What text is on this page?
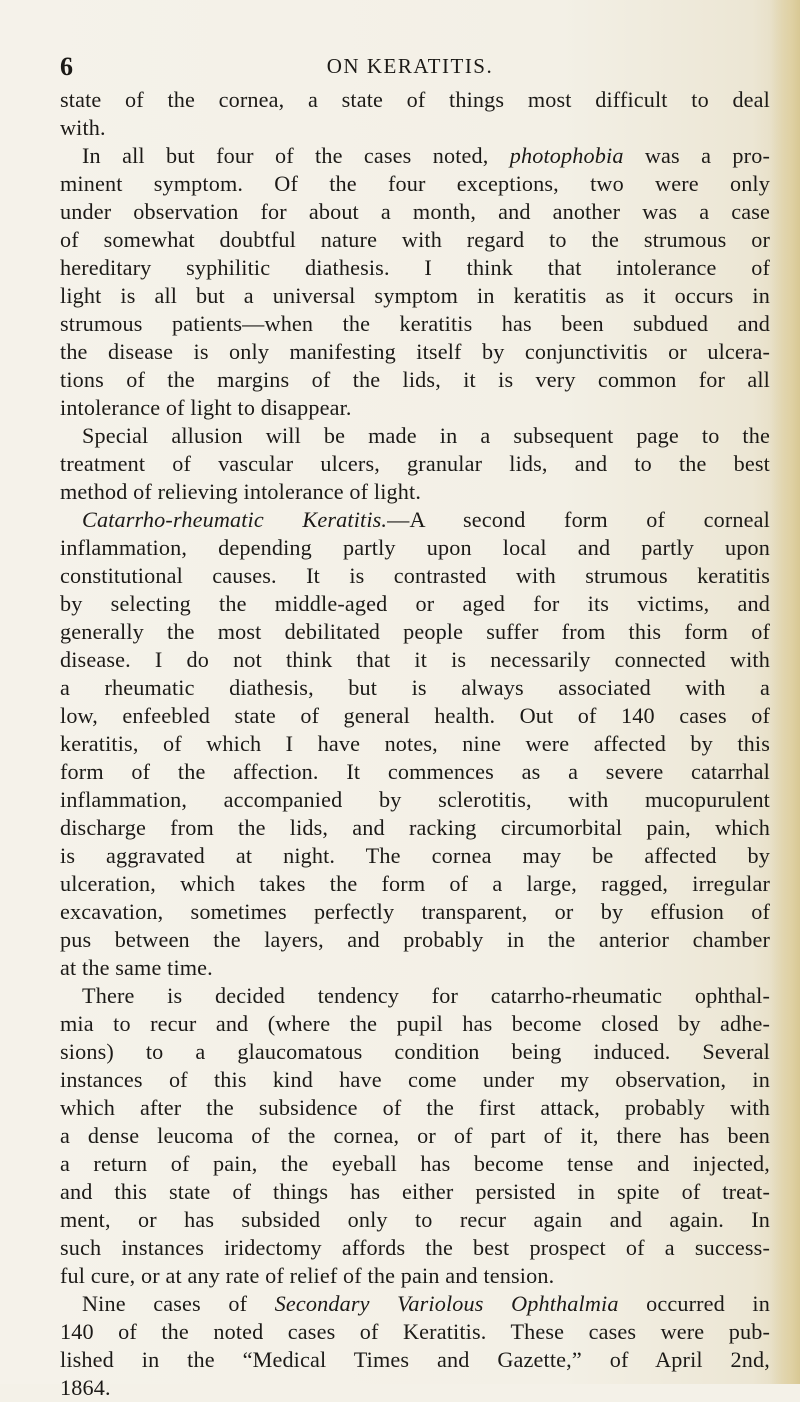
6	ON KERATITIS.
state of the cornea, a state of things most difficult to deal
with.
In all but four of the cases noted, photophobia was a pro-
minent symptom. Of the four exceptions, two were only
under observation for about a month, and another was a case
of somewhat doubtful nature with regard to the strumous or
hereditary syphilitic diathesis. I think that intolerance of
light is all but a universal symptom in keratitis as it occurs in
strumous patients—when the keratitis has been subdued and
the disease is only manifesting itself by conjunctivitis or ulcera-
tions of the margins of the lids, it is very common for all
intolerance of light to disappear.
Special allusion will be made in a subsequent page to the
treatment of vascular ulcers, granular lids, and to the best
method of relieving intolerance of light.
Catarrho-rheumatic Keratitis.—A second form of corneal
inflammation, depending partly upon local and partly upon
constitutional causes. It is contrasted with strumous keratitis
by selecting the middle-aged or aged for its victims, and
generally the most debilitated people suffer from this form of
disease. I do not think that it is necessarily connected with
a rheumatic diathesis, but is always associated with a
low, enfeebled state of general health. Out of 140 cases of
keratitis, of which I have notes, nine were affected by this
form of the affection. It commences as a severe catarrhal
inflammation, accompanied by sclerotitis, with mucopurulent
discharge from the lids, and racking circumorbital pain, which
is aggravated at night. The cornea may be affected by
ulceration, which takes the form of a large, ragged, irregular
excavation, sometimes perfectly transparent, or by effusion of
pus between the layers, and probably in the anterior chamber
at the same time.
There is decided tendency for catarrho-rheumatic ophthal-
mia to recur and (where the pupil has become closed by adhe-
sions) to a glaucomatous condition being induced. Several
instances of this kind have come under my observation, in
which after the subsidence of the first attack, probably with
a dense leucoma of the cornea, or of part of it, there has been
a return of pain, the eyeball has become tense and injected,
and this state of things has either persisted in spite of treat-
ment, or has subsided only to recur again and again. In
such instances iridectomy affords the best prospect of a success-
ful cure, or at any rate of relief of the pain and tension.
Nine cases of Secondary Variolous Ophthalmia occurred in
140 of the noted cases of Keratitis. These cases were pub-
lished in the “Medical Times and Gazette,” of April 2nd,
1864.
